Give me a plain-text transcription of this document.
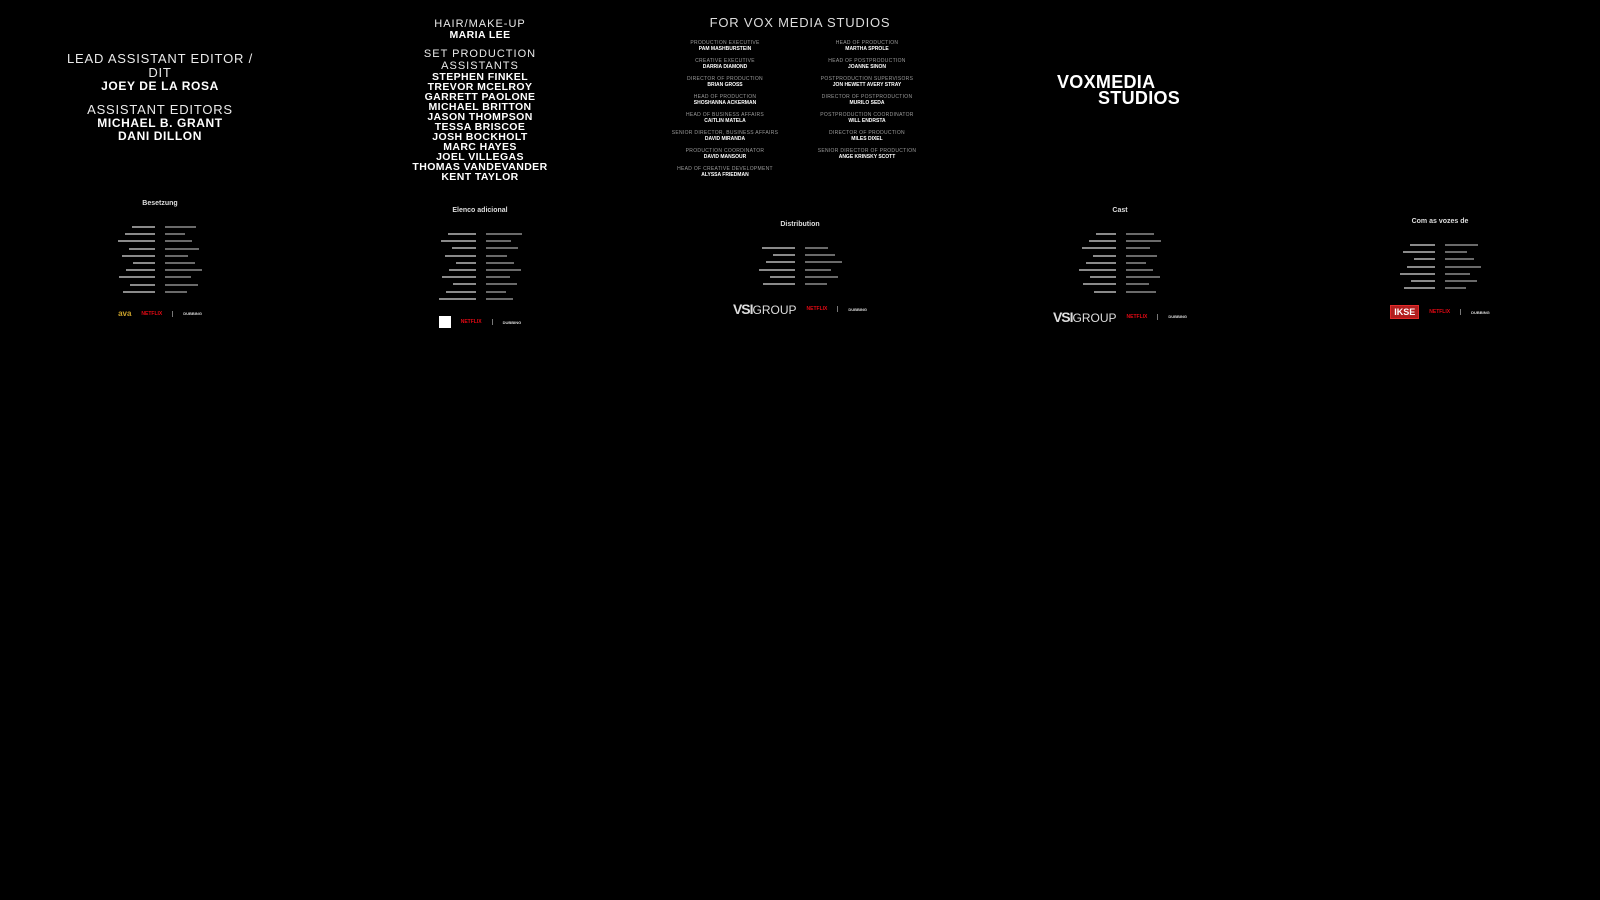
LEAD ASSISTANT EDITOR / DIT
JOEY DE LA ROSA
ASSISTANT EDITORS
MICHAEL B. GRANT
DANI DILLON
HAIR/MAKE-UP
MARIA LEE
SET PRODUCTION ASSISTANTS
STEPHEN FINKEL
TREVOR MCELROY
GARRETT PAOLONE
MICHAEL BRITTON
JASON THOMPSON
TESSA BRISCOE
JOSH BOCKHOLT
MARC HAYES
JOEL VILLEGAS
THOMAS VANDEVANDER
KENT TAYLOR
FOR VOX MEDIA STUDIOS
PRODUCTION EXECUTIVE
PAM MASHBURSTEIN
CREATIVE EXECUTIVE
DARRIA DIAMOND
DIRECTOR OF PRODUCTION
BRIAN GROSS
HEAD OF PRODUCTION
SHOSHANNA ACKERMAN
HEAD OF BUSINESS AFFAIRS
CAITLIN MATELA
SENIOR DIRECTOR, BUSINESS AFFAIRS
DAVID MIRANDA
PRODUCTION COORDINATOR
DAVID MANSOUR
HEAD OF CREATIVE DEVELOPMENT
ALYSSA FRIEDMAN
HEAD OF PRODUCTION
MARTHA SPROLE
HEAD OF POSTPRODUCTION
JOANNE SINON
POSTPRODUCTION SUPERVISORS
JON HEWETT AVERY STRAY
DIRECTOR OF POSTPRODUCTION
MURILO SEDA
POSTPRODUCTION COORDINATOR
WILL ENDRSTA
DIRECTOR OF PRODUCTION
MILES DIXEL
SENIOR DIRECTOR OF PRODUCTION
ANGE KRINSKY SCOTT
VOXMEDIA
STUDIOS
Besetzung
ava NETFLIX	DUBBING
Elenco adicional
NETFLIX	DUBBING
Distribution
VSIGROUP NETFLIX	DUBBING
Cast
VSIGROUP NETFLIX	DUBBING
Com as vozes de
IKSE	NETFLIX	DUBBING
